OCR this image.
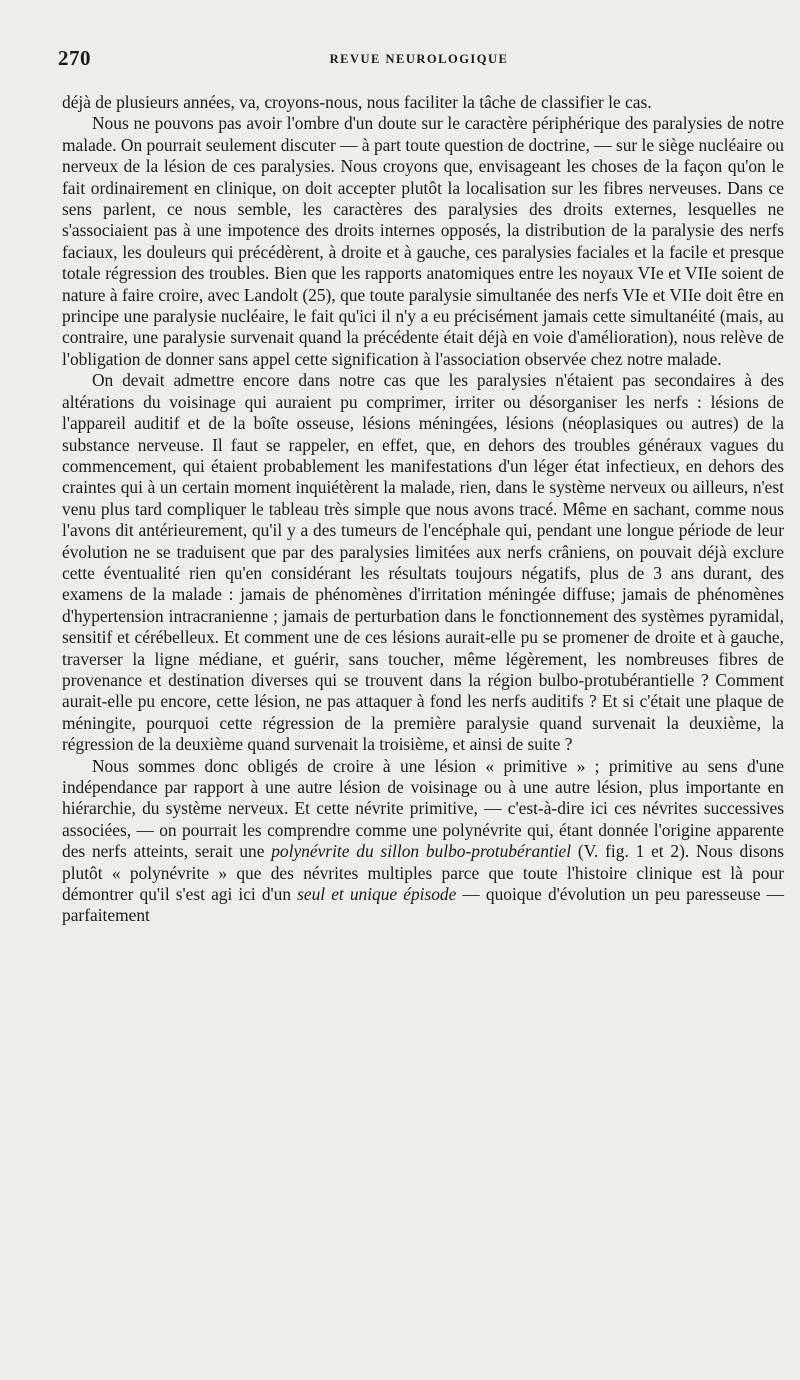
270	REVUE NEUROLOGIQUE

déjà de plusieurs années, va, croyons-nous, nous faciliter la tâche de classifier le cas.

Nous ne pouvons pas avoir l'ombre d'un doute sur le caractère périphérique des paralysies de notre malade. On pourrait seulement discuter — à part toute question de doctrine, — sur le siège nucléaire ou nerveux de la lésion de ces paralysies. Nous croyons que, envisageant les choses de la façon qu'on le fait ordinairement en clinique, on doit accepter plutôt la localisation sur les fibres nerveuses. Dans ce sens parlent, ce nous semble, les caractères des paralysies des droits externes, lesquelles ne s'associaient pas à une impotence des droits internes opposés, la distribution de la paralysie des nerfs faciaux, les douleurs qui précédèrent, à droite et à gauche, ces paralysies faciales et la facile et presque totale régression des troubles. Bien que les rapports anatomiques entre les noyaux VIe et VIIe soient de nature à faire croire, avec Landolt (25), que toute paralysie simultanée des nerfs VIe et VIIe doit être en principe une paralysie nucléaire, le fait qu'ici il n'y a eu précisément jamais cette simultanéité (mais, au contraire, une paralysie survenait quand la précédente était déjà en voie d'amélioration), nous relève de l'obligation de donner sans appel cette signification à l'association observée chez notre malade.

On devait admettre encore dans notre cas que les paralysies n'étaient pas secondaires à des altérations du voisinage qui auraient pu comprimer, irriter ou désorganiser les nerfs : lésions de l'appareil auditif et de la boîte osseuse, lésions méningées, lésions (néoplasiques ou autres) de la substance nerveuse. Il faut se rappeler, en effet, que, en dehors des troubles généraux vagues du commencement, qui étaient probablement les manifestations d'un léger état infectieux, en dehors des craintes qui à un certain moment inquiétèrent la malade, rien, dans le système nerveux ou ailleurs, n'est venu plus tard compliquer le tableau très simple que nous avons tracé. Même en sachant, comme nous l'avons dit antérieurement, qu'il y a des tumeurs de l'encéphale qui, pendant une longue période de leur évolution ne se traduisent que par des paralysies limitées aux nerfs crâniens, on pouvait déjà exclure cette éventualité rien qu'en considérant les résultats toujours négatifs, plus de 3 ans durant, des examens de la malade : jamais de phénomènes d'irritation méningée diffuse; jamais de phénomènes d'hypertension intracranienne ; jamais de perturbation dans le fonctionnement des systèmes pyramidal, sensitif et cérébelleux. Et comment une de ces lésions aurait-elle pu se promener de droite et à gauche, traverser la ligne médiane, et guérir, sans toucher, même légèrement, les nombreuses fibres de provenance et destination diverses qui se trouvent dans la région bulbo-protubérantielle ? Comment aurait-elle pu encore, cette lésion, ne pas attaquer à fond les nerfs auditifs ? Et si c'était une plaque de méningite, pourquoi cette régression de la première paralysie quand survenait la deuxième, la régression de la deuxième quand survenait la troisième, et ainsi de suite ?

Nous sommes donc obligés de croire à une lésion « primitive » ; primitive au sens d'une indépendance par rapport à une autre lésion de voisinage ou à une autre lésion, plus importante en hiérarchie, du système nerveux. Et cette névrite primitive, — c'est-à-dire ici ces névrites successives associées, — on pourrait les comprendre comme une polynévrite qui, étant donnée l'origine apparente des nerfs atteints, serait une polynévrite du sillon bulbo-protubérantiel (V. fig. 1 et 2). Nous disons plutôt « polynévrite » que des névrites multiples parce que toute l'histoire clinique est là pour démontrer qu'il s'est agi ici d'un seul et unique épisode — quoique d'évolution un peu paresseuse — parfaitement
